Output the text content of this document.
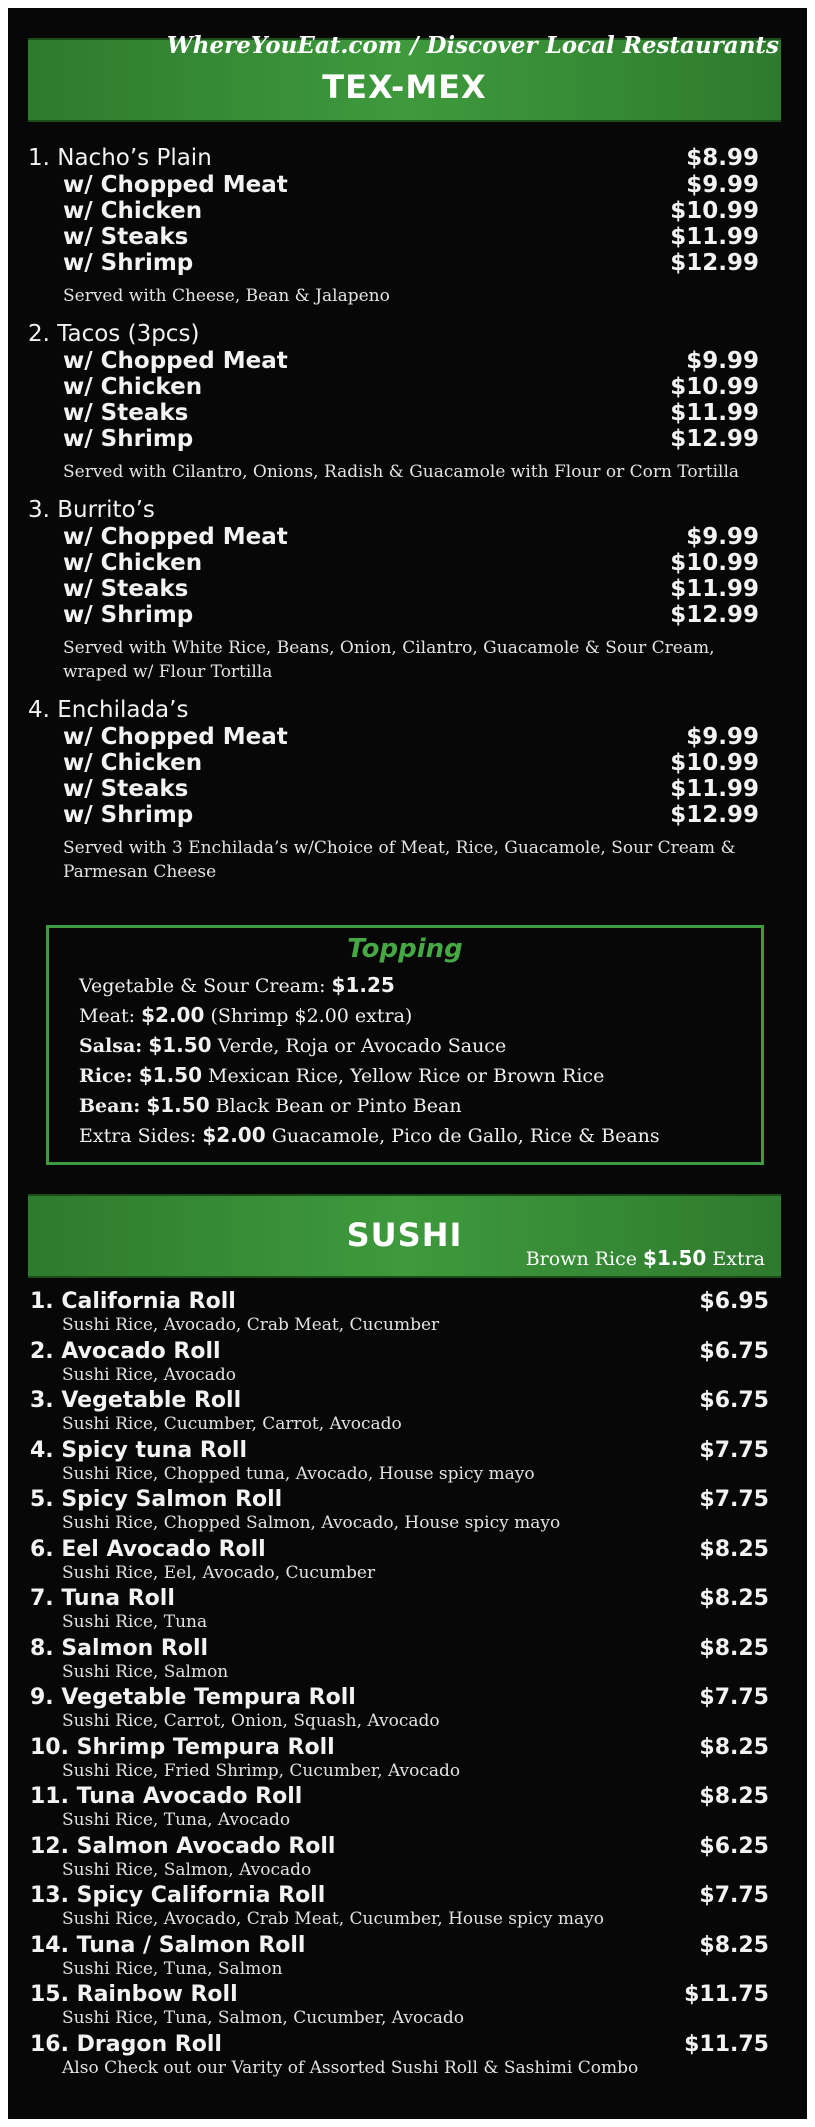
WhereYouEat.com / Discover Local Restaurants
TEX-MEX
1. Nacho’s Plain	$8.99
w/ Chopped Meat	$9.99
w/ Chicken	$10.99
w/ Steaks	$11.99
w/ Shrimp	$12.99
Served with Cheese, Bean & Jalapeno
2. Tacos (3pcs)
w/ Chopped Meat	$9.99
w/ Chicken	$10.99
w/ Steaks	$11.99
w/ Shrimp	$12.99
Served with Cilantro, Onions, Radish & Guacamole with Flour or Corn Tortilla
3. Burrito’s
w/ Chopped Meat	$9.99
w/ Chicken	$10.99
w/ Steaks	$11.99
w/ Shrimp	$12.99
Served with White Rice, Beans, Onion, Cilantro, Guacamole & Sour Cream, wraped w/ Flour Tortilla
4. Enchilada’s
w/ Chopped Meat	$9.99
w/ Chicken	$10.99
w/ Steaks	$11.99
w/ Shrimp	$12.99
Served with 3 Enchilada’s w/Choice of Meat, Rice, Guacamole, Sour Cream & Parmesan Cheese
Topping
Vegetable & Sour Cream: $1.25
Meat: $2.00 (Shrimp $2.00 extra)
Salsa: $1.50 Verde, Roja or Avocado Sauce
Rice: $1.50 Mexican Rice, Yellow Rice or Brown Rice
Bean: $1.50 Black Bean or Pinto Bean
Extra Sides: $2.00 Guacamole, Pico de Gallo, Rice & Beans
SUSHI
Brown Rice $1.50 Extra
1. California Roll	$6.95
Sushi Rice, Avocado, Crab Meat, Cucumber
2. Avocado Roll	$6.75
Sushi Rice, Avocado
3. Vegetable Roll	$6.75
Sushi Rice, Cucumber, Carrot, Avocado
4. Spicy tuna Roll	$7.75
Sushi Rice, Chopped tuna, Avocado, House spicy mayo
5. Spicy Salmon Roll	$7.75
Sushi Rice, Chopped Salmon, Avocado, House spicy mayo
6. Eel Avocado Roll	$8.25
Sushi Rice, Eel, Avocado, Cucumber
7. Tuna Roll	$8.25
Sushi Rice, Tuna
8. Salmon Roll	$8.25
Sushi Rice, Salmon
9. Vegetable Tempura Roll	$7.75
Sushi Rice, Carrot, Onion, Squash, Avocado
10. Shrimp Tempura Roll	$8.25
Sushi Rice, Fried Shrimp, Cucumber, Avocado
11. Tuna Avocado Roll	$8.25
Sushi Rice, Tuna, Avocado
12. Salmon Avocado Roll	$6.25
Sushi Rice, Salmon, Avocado
13. Spicy California Roll	$7.75
Sushi Rice, Avocado, Crab Meat, Cucumber, House spicy mayo
14. Tuna / Salmon Roll	$8.25
Sushi Rice, Tuna, Salmon
15. Rainbow Roll	$11.75
Sushi Rice, Tuna, Salmon, Cucumber, Avocado
16. Dragon Roll	$11.75
Also Check out our Varity of Assorted Sushi Roll & Sashimi Combo
